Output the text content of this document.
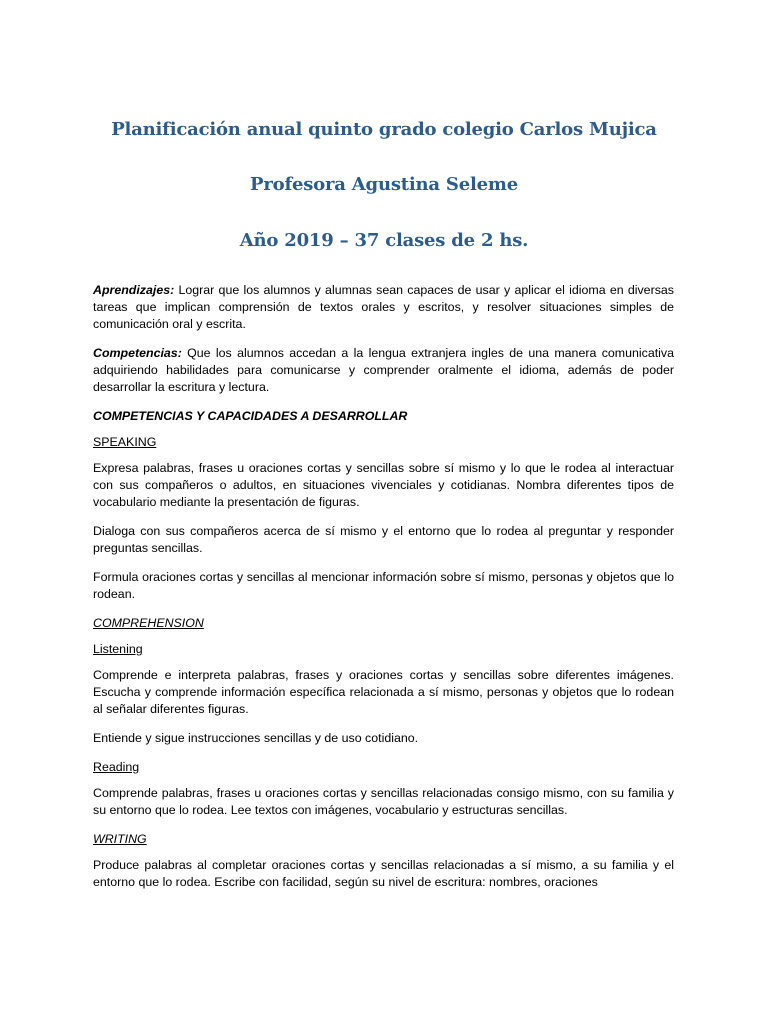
Planificación anual quinto grado colegio Carlos Mujica
Profesora Agustina Seleme
Año 2019 – 37 clases de 2 hs.

Aprendizajes: Lograr que los alumnos y alumnas sean capaces de usar y aplicar el idioma en diversas tareas que implican comprensión de textos orales y escritos, y resolver situaciones simples de comunicación oral y escrita.

Competencias: Que los alumnos accedan a la lengua extranjera ingles de una manera comunicativa adquiriendo habilidades para comunicarse y comprender oralmente el idioma, además de poder desarrollar la escritura y lectura.

COMPETENCIAS Y CAPACIDADES A DESARROLLAR

SPEAKING

Expresa palabras, frases u oraciones cortas y sencillas sobre sí mismo y lo que le rodea al interactuar con sus compañeros o adultos, en situaciones vivenciales y cotidianas. Nombra diferentes tipos de vocabulario mediante la presentación de figuras.

Dialoga con sus compañeros acerca de sí mismo y el entorno que lo rodea al preguntar y responder preguntas sencillas.

Formula oraciones cortas y sencillas al mencionar información sobre sí mismo, personas y objetos que lo rodean.

COMPREHENSION

Listening

Comprende e interpreta palabras, frases y oraciones cortas y sencillas sobre diferentes imágenes. Escucha y comprende información específica relacionada a sí mismo, personas y objetos que lo rodean al señalar diferentes figuras.

Entiende y sigue instrucciones sencillas y de uso cotidiano.

Reading

Comprende palabras, frases u oraciones cortas y sencillas relacionadas consigo mismo, con su familia y su entorno que lo rodea. Lee textos con imágenes, vocabulario y estructuras sencillas.

WRITING

Produce palabras al completar oraciones cortas y sencillas relacionadas a sí mismo, a su familia y el entorno que lo rodea. Escribe con facilidad, según su nivel de escritura: nombres, oraciones
